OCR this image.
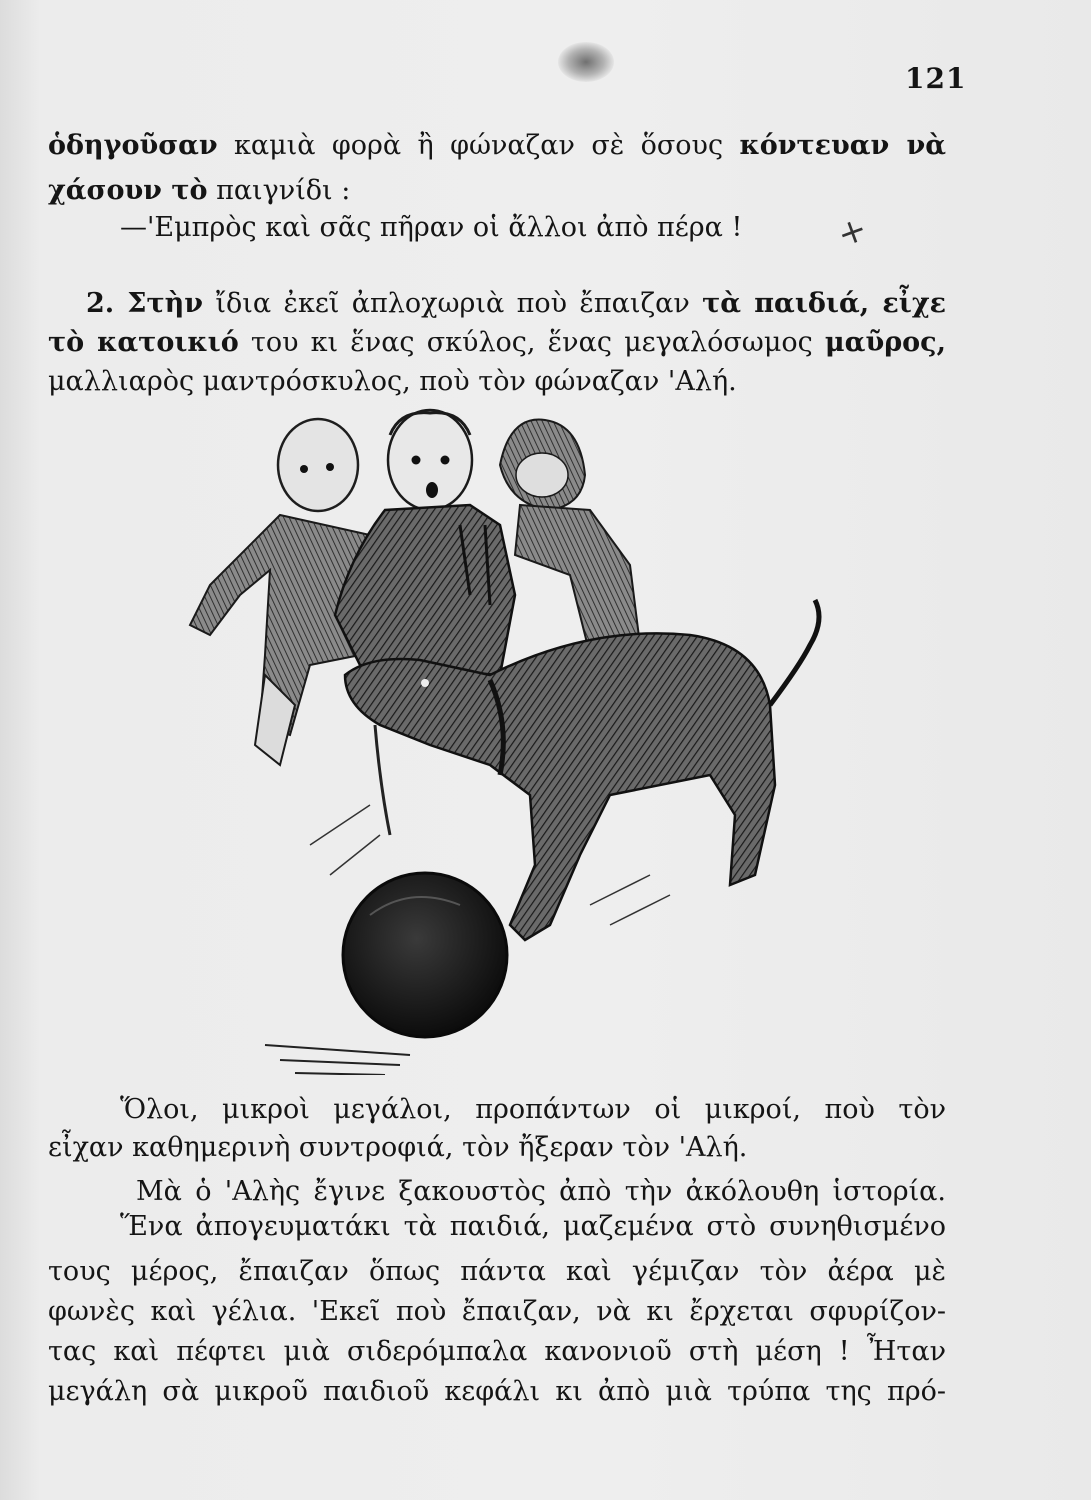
121
ὁδηγοῦσαν καμιὰ φορὰ ἢ φώναζαν σὲ ὅσους κόντευαν νὰ
χάσουν τὸ παιγνίδι :
—'Εμπρὸς καὶ σᾶς πῆραν οἱ ἄλλοι ἀπὸ πέρα !	+
2. Στὴν ἴδια ἐκεῖ ἀπλοχωριὰ ποὺ ἔπαιζαν τὰ παιδιά, εἶχε
τὸ κατοικιό του κι ἕνας σκύλος, ἕνας μεγαλόσωμος μαῦρος,
μαλλιαρὸς μαντρόσκυλος, ποὺ τὸν φώναζαν 'Αλή.
Ὅλοι, μικροὶ μεγάλοι, προπάντων οἱ μικροί, ποὺ τὸν
εἶχαν καθημερινὴ συντροφιά, τὸν ἤξεραν τὸν 'Αλή.
Μὰ ὁ 'Αλὴς ἔγινε ξακουστὸς ἀπὸ τὴν ἀκόλουθη ἱστορία.
Ἕνα ἀπογευματάκι τὰ παιδιά, μαζεμένα στὸ συνηθισμένο
τους μέρος, ἔπαιζαν ὅπως πάντα καὶ γέμιζαν τὸν ἀέρα μὲ
φωνὲς καὶ γέλια. 'Εκεῖ ποὺ ἔπαιζαν, νὰ κι ἔρχεται σφυρίζον-
τας καὶ πέφτει μιὰ σιδερόμπαλα κανονιοῦ στὴ μέση ! Ἦταν
μεγάλη σὰ μικροῦ παιδιοῦ κεφάλι κι ἀπὸ μιὰ τρύπα της πρό-
